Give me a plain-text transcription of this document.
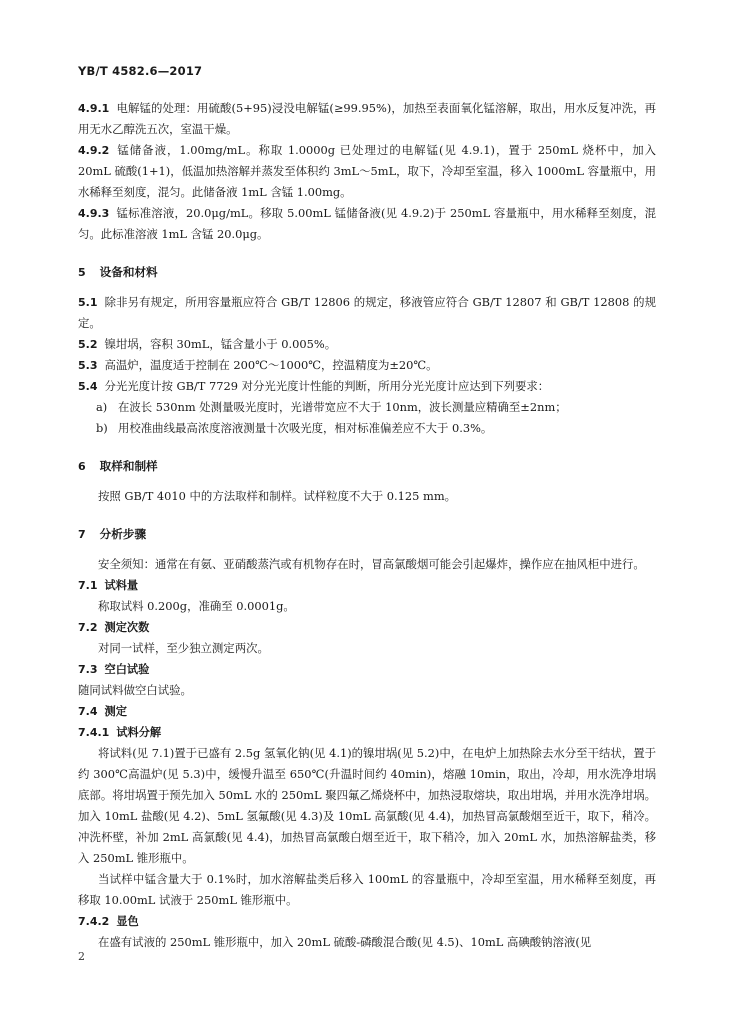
YB/T 4582.6—2017

4.9.1 电解锰的处理：用硫酸(5+95)浸没电解锰(≥99.95%)，加热至表面氧化锰溶解，取出，用水反复冲洗，再用无水乙醇洗五次，室温干燥。

4.9.2 锰储备液，1.00mg/mL。称取 1.0000g 已处理过的电解锰(见 4.9.1)，置于 250mL 烧杯中，加入 20mL 硫酸(1+1)，低温加热溶解并蒸发至体积约 3mL～5mL，取下，冷却至室温，移入 1000mL 容量瓶中，用水稀释至刻度，混匀。此储备液 1mL 含锰 1.00mg。

4.9.3 锰标准溶液，20.0μg/mL。移取 5.00mL 锰储备液(见 4.9.2)于 250mL 容量瓶中，用水稀释至刻度，混匀。此标准溶液 1mL 含锰 20.0μg。

5 设备和材料

5.1 除非另有规定，所用容量瓶应符合 GB/T 12806 的规定，移液管应符合 GB/T 12807 和 GB/T 12808 的规定。

5.2 镍坩埚，容积 30mL，锰含量小于 0.005%。

5.3 高温炉，温度适于控制在 200℃～1000℃，控温精度为±20℃。

5.4 分光光度计按 GB/T 7729 对分光光度计性能的判断，所用分光光度计应达到下列要求：

a) 在波长 530nm 处测量吸光度时，光谱带宽应不大于 10nm，波长测量应精确至±2nm；

b) 用校准曲线最高浓度溶液测量十次吸光度，相对标准偏差应不大于 0.3%。

6 取样和制样

按照 GB/T 4010 中的方法取样和制样。试样粒度不大于 0.125 mm。

7 分析步骤

安全须知：通常在有氨、亚硝酸蒸汽或有机物存在时，冒高氯酸烟可能会引起爆炸，操作应在抽风柜中进行。

7.1 试料量

称取试料 0.200g，准确至 0.0001g。

7.2 测定次数

对同一试样，至少独立测定两次。

7.3 空白试验

随同试料做空白试验。

7.4 测定

7.4.1 试料分解

将试料(见 7.1)置于已盛有 2.5g 氢氧化钠(见 4.1)的镍坩埚(见 5.2)中，在电炉上加热除去水分至干结状，置于约 300℃高温炉(见 5.3)中，缓慢升温至 650℃(升温时间约 40min)，熔融 10min，取出，冷却，用水洗净坩埚底部。将坩埚置于预先加入 50mL 水的 250mL 聚四氟乙烯烧杯中，加热浸取熔块，取出坩埚，并用水洗净坩埚。加入 10mL 盐酸(见 4.2)、5mL 氢氟酸(见 4.3)及 10mL 高氯酸(见 4.4)，加热冒高氯酸烟至近干，取下，稍冷。冲洗杯壁，补加 2mL 高氯酸(见 4.4)，加热冒高氯酸白烟至近干，取下稍冷，加入 20mL 水，加热溶解盐类，移入 250mL 锥形瓶中。

当试样中锰含量大于 0.1%时，加水溶解盐类后移入 100mL 的容量瓶中，冷却至室温，用水稀释至刻度，再移取 10.00mL 试液于 250mL 锥形瓶中。

7.4.2 显色

在盛有试液的 250mL 锥形瓶中，加入 20mL 硫酸-磷酸混合酸(见 4.5)、10mL 高碘酸钠溶液(见

2
